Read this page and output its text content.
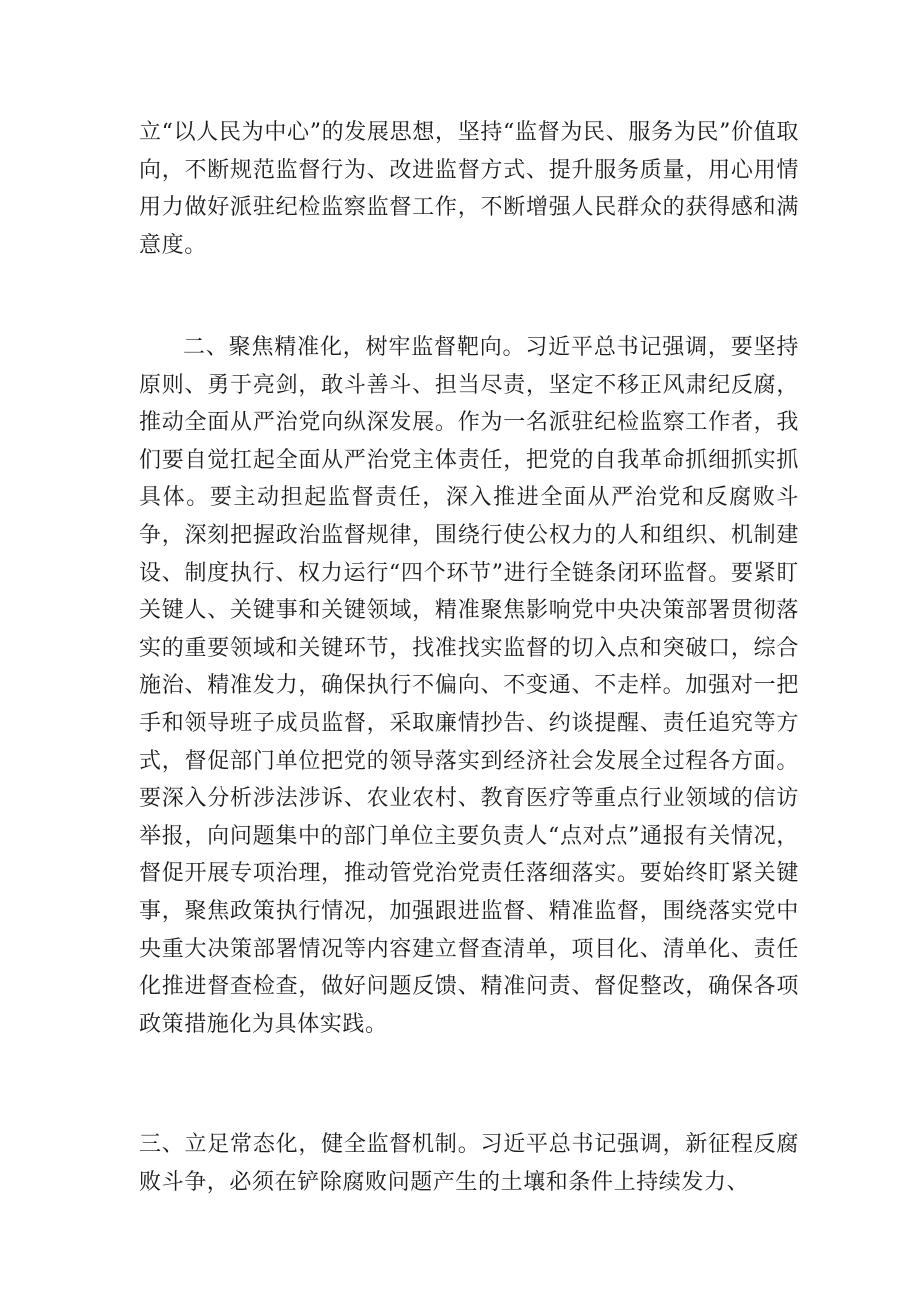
立“以人民为中心”的发展思想，坚持“监督为民、服务为民”价值取向，不断规范监督行为、改进监督方式、提升服务质量，用心用情用力做好派驻纪检监察监督工作，不断增强人民群众的获得感和满意度。

二、聚焦精准化，树牢监督靶向。习近平总书记强调，要坚持原则、勇于亮剑，敢斗善斗、担当尽责，坚定不移正风肃纪反腐，推动全面从严治党向纵深发展。作为一名派驻纪检监察工作者，我们要自觉扛起全面从严治党主体责任，把党的自我革命抓细抓实抓具体。要主动担起监督责任，深入推进全面从严治党和反腐败斗争，深刻把握政治监督规律，围绕行使公权力的人和组织、机制建设、制度执行、权力运行“四个环节”进行全链条闭环监督。要紧盯关键人、关键事和关键领域，精准聚焦影响党中央决策部署贯彻落实的重要领域和关键环节，找准找实监督的切入点和突破口，综合施治、精准发力，确保执行不偏向、不变通、不走样。加强对一把手和领导班子成员监督，采取廉情抄告、约谈提醒、责任追究等方式，督促部门单位把党的领导落实到经济社会发展全过程各方面。要深入分析涉法涉诉、农业农村、教育医疗等重点行业领域的信访举报，向问题集中的部门单位主要负责人“点对点”通报有关情况，督促开展专项治理，推动管党治党责任落细落实。要始终盯紧关键事，聚焦政策执行情况，加强跟进监督、精准监督，围绕落实党中央重大决策部署情况等内容建立督查清单，项目化、清单化、责任化推进督查检查，做好问题反馈、精准问责、督促整改，确保各项政策措施化为具体实践。

三、立足常态化，健全监督机制。习近平总书记强调，新征程反腐败斗争，必须在铲除腐败问题产生的土壤和条件上持续发力、
